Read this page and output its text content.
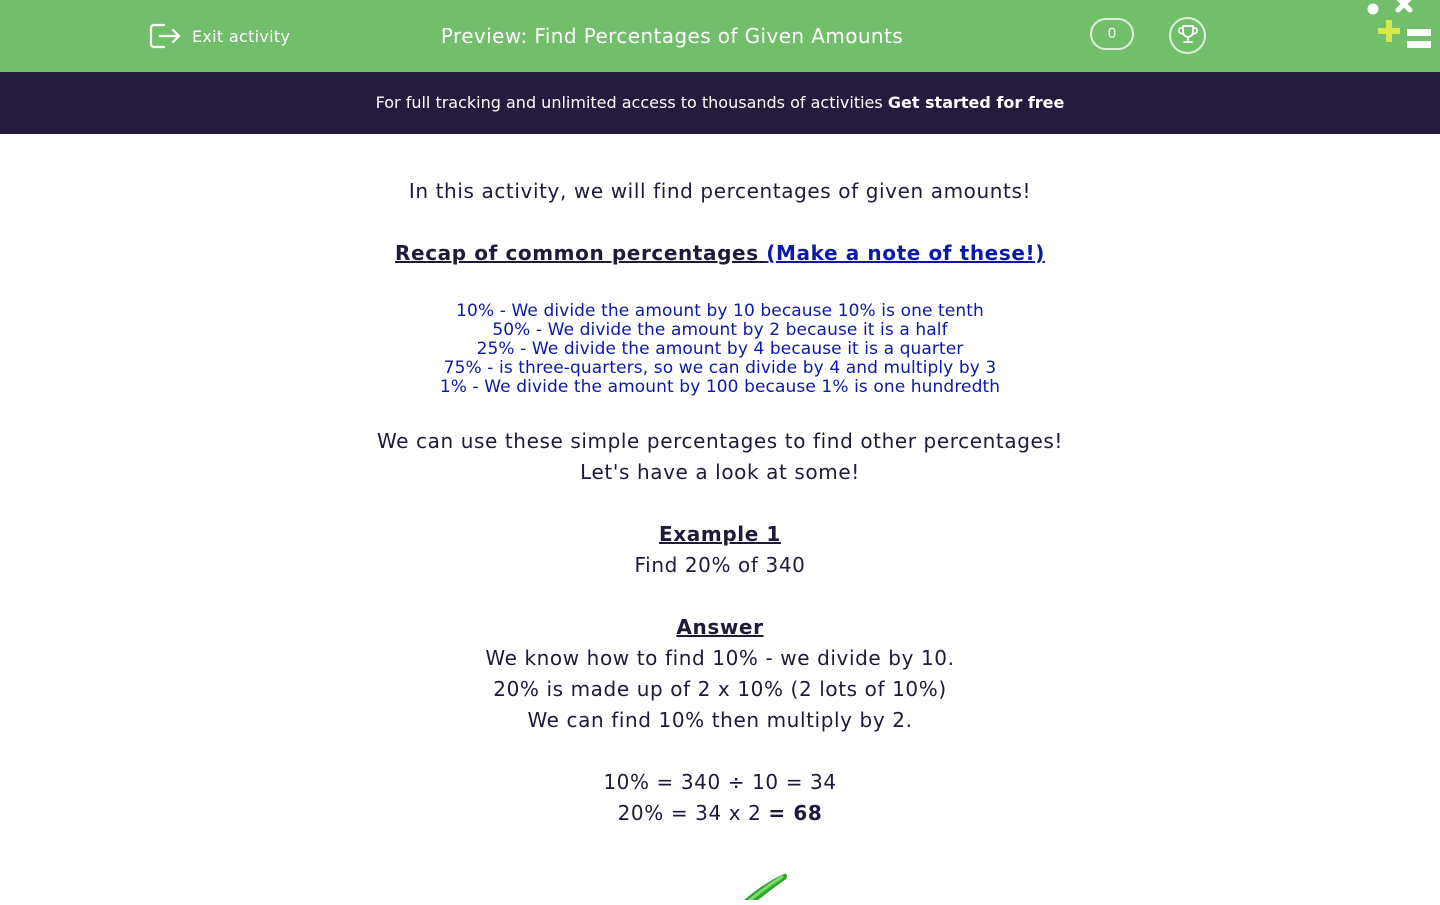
Exit activity	Preview: Find Percentages of Given Amounts	0
For full tracking and unlimited access to thousands of activities Get started for free
In this activity, we will find percentages of given amounts!
Recap of common percentages (Make a note of these!)
10% - We divide the amount by 10 because 10% is one tenth
50% - We divide the amount by 2 because it is a half
25% - We divide the amount by 4 because it is a quarter
75% - is three-quarters, so we can divide by 4 and multiply by 3
1% - We divide the amount by 100 because 1% is one hundredth
We can use these simple percentages to find other percentages!
Let's have a look at some!
Example 1
Find 20% of 340
Answer
We know how to find 10% - we divide by 10.
20% is made up of 2 x 10% (2 lots of 10%)
We can find 10% then multiply by 2.
10% = 340 ÷ 10 = 34
20% = 34 x 2 = 68
